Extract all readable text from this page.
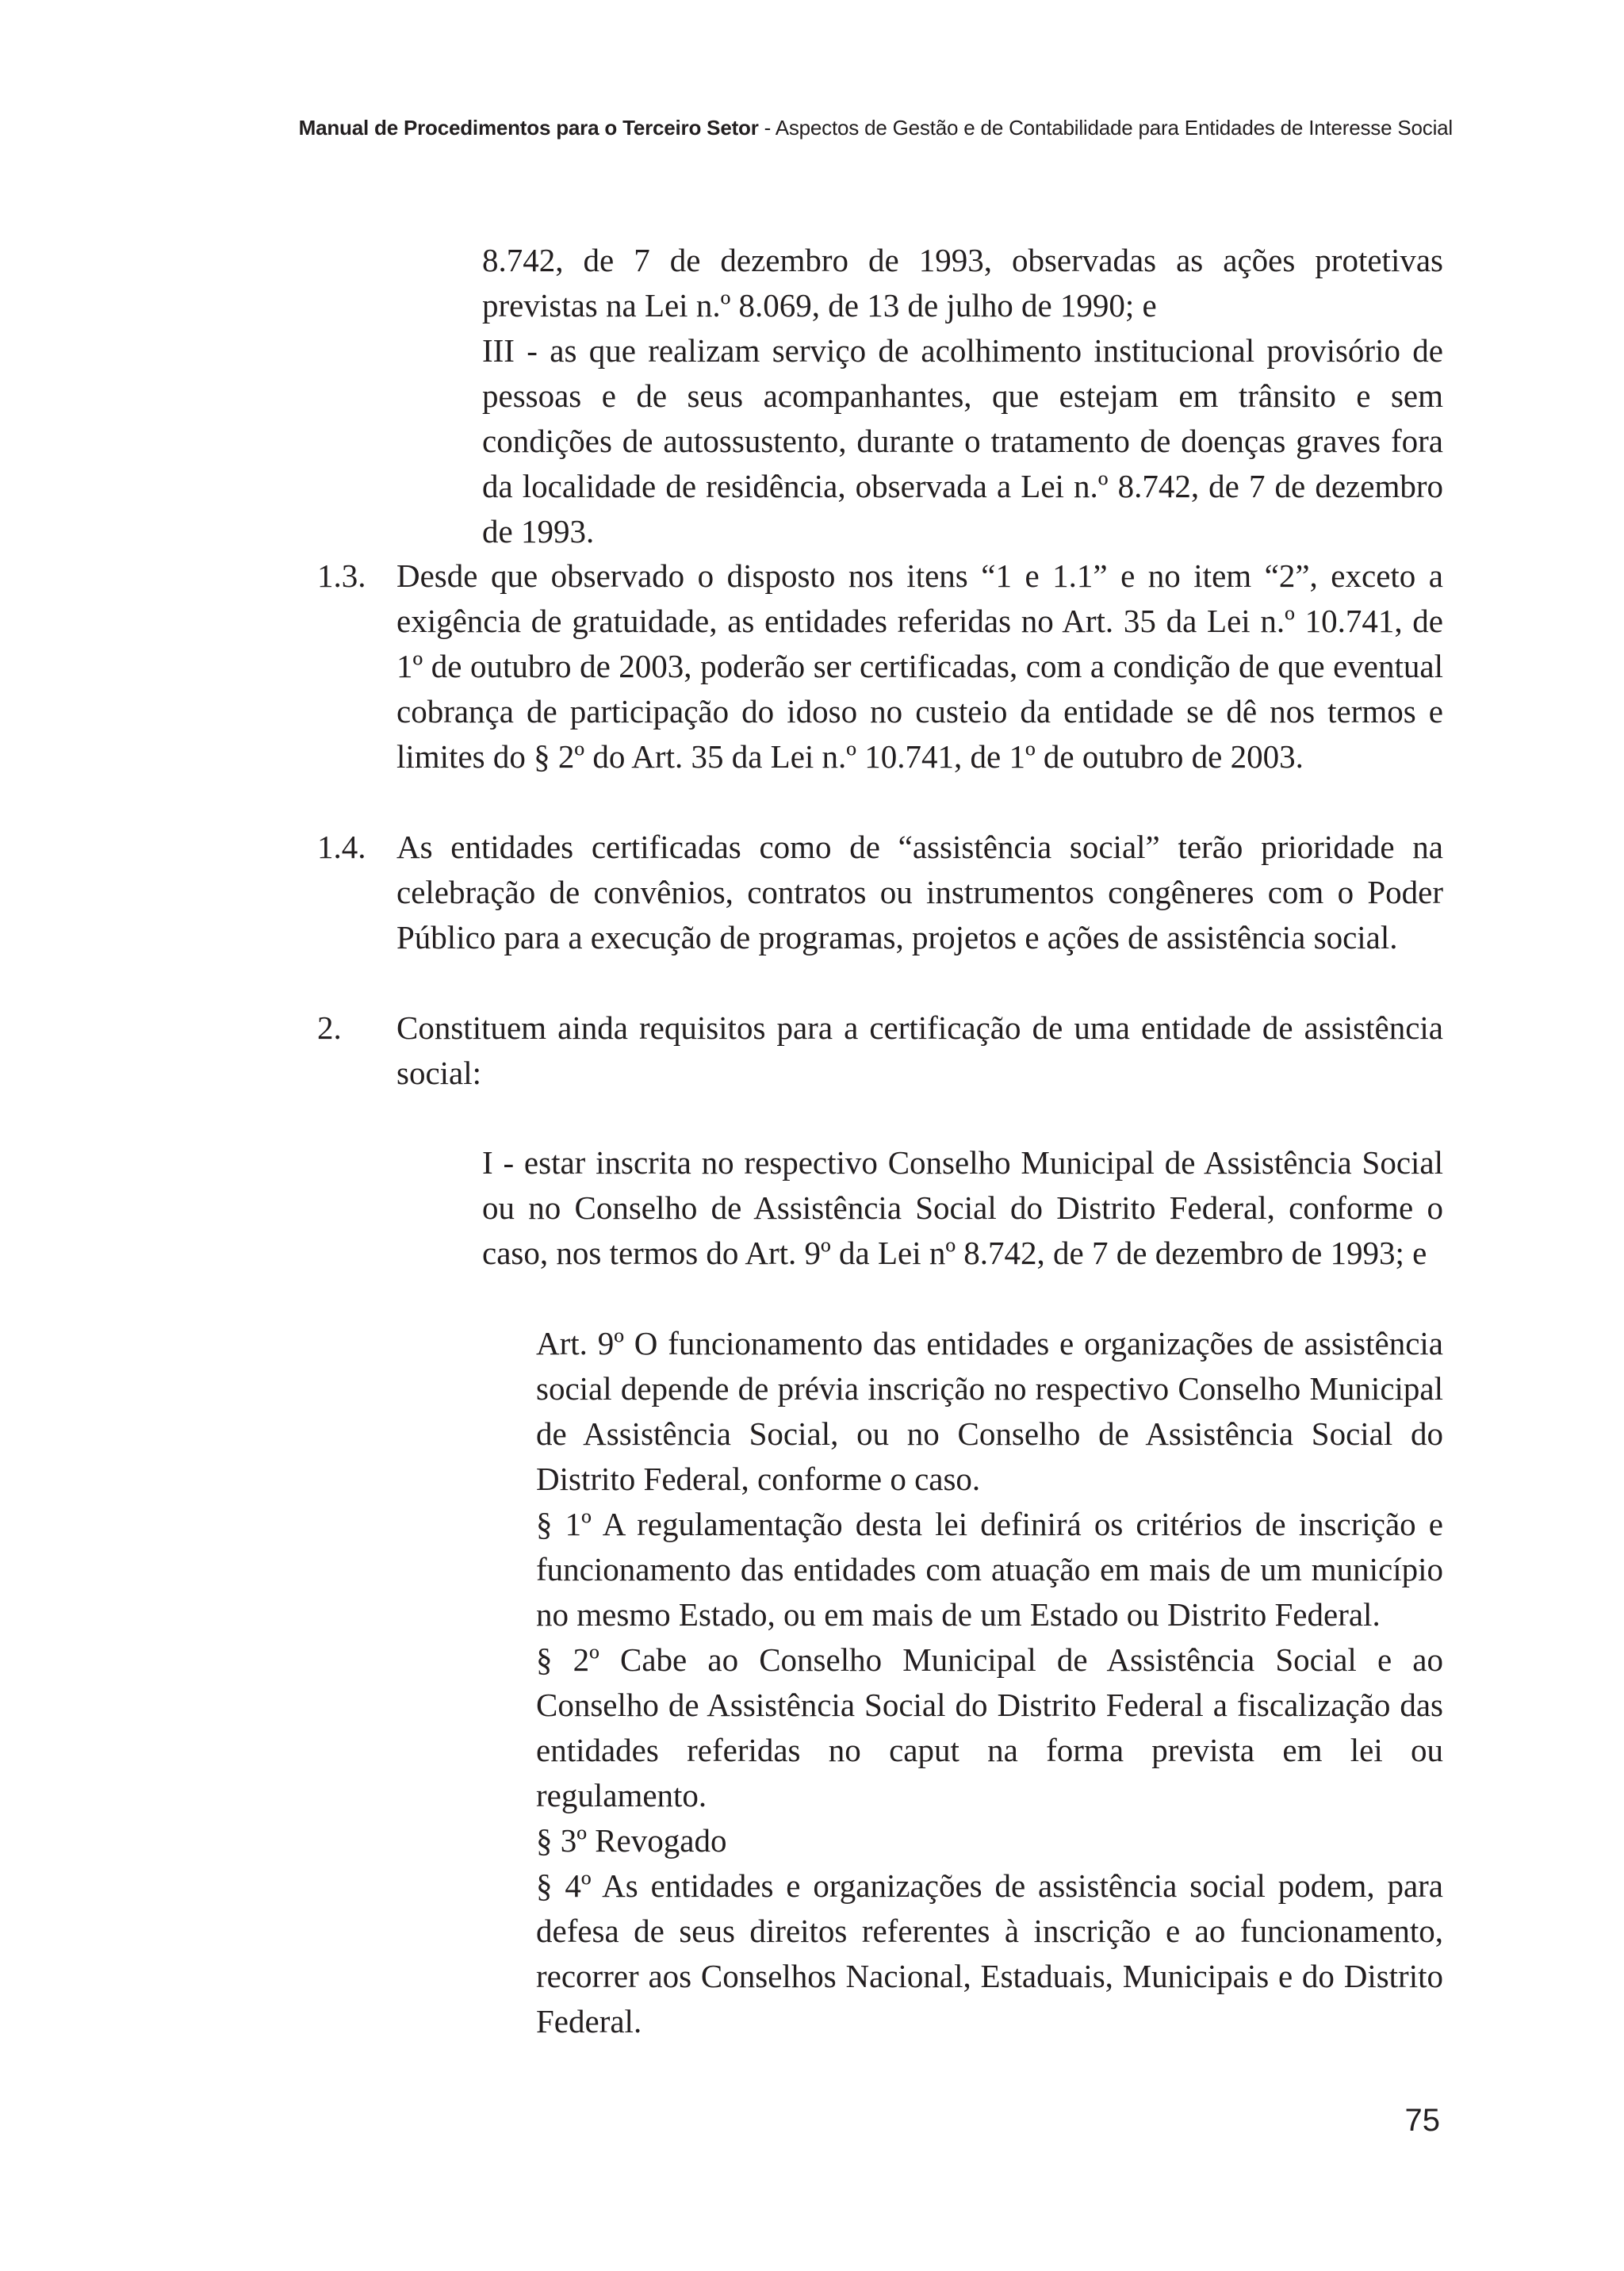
Manual de Procedimentos para o Terceiro Setor - Aspectos de Gestão e de Contabilidade para Entidades de Interesse Social
8.742, de 7 de dezembro de 1993, observadas as ações protetivas previstas na Lei n.º 8.069, de 13 de julho de 1990; e
III - as que realizam serviço de acolhimento institucional provisório de pessoas e de seus acompanhantes, que estejam em trânsito e sem condições de autossustento, durante o tratamento de doenças graves fora da localidade de residência, observada a Lei n.º 8.742, de 7 de dezembro de 1993.
1.3. Desde que observado o disposto nos itens “1 e 1.1” e no item “2”, exceto a exigência de gratuidade, as entidades referidas no Art. 35 da Lei n.º 10.741, de 1º de outubro de 2003, poderão ser certificadas, com a condição de que eventual cobrança de participação do idoso no custeio da entidade se dê nos termos e limites do § 2º do Art. 35 da Lei n.º 10.741, de 1º de outubro de 2003.
1.4. As entidades certificadas como de “assistência social” terão prioridade na celebração de convênios, contratos ou instrumentos congêneres com o Poder Público para a execução de programas, projetos e ações de assistência social.
2.	Constituem ainda requisitos para a certificação de uma entidade de assistência social:
I - estar inscrita no respectivo Conselho Municipal de Assistência Social ou no Conselho de Assistência Social do Distrito Federal, conforme o caso, nos termos do Art. 9º da Lei nº 8.742, de 7 de dezembro de 1993; e
Art. 9º O funcionamento das entidades e organizações de assistência social depende de prévia inscrição no respectivo Conselho Municipal de Assistência Social, ou no Conselho de Assistência Social do Distrito Federal, conforme o caso.
§ 1º A regulamentação desta lei definirá os critérios de inscrição e funcionamento das entidades com atuação em mais de um município no mesmo Estado, ou em mais de um Estado ou Distrito Federal.
§ 2º Cabe ao Conselho Municipal de Assistência Social e ao Conselho de Assistência Social do Distrito Federal a fiscalização das entidades referidas no caput na forma prevista em lei ou regulamento.
§ 3º Revogado
§ 4º As entidades e organizações de assistência social podem, para defesa de seus direitos referentes à inscrição e ao funcionamento, recorrer aos Conselhos Nacional, Estaduais, Municipais e do Distrito Federal.
75
